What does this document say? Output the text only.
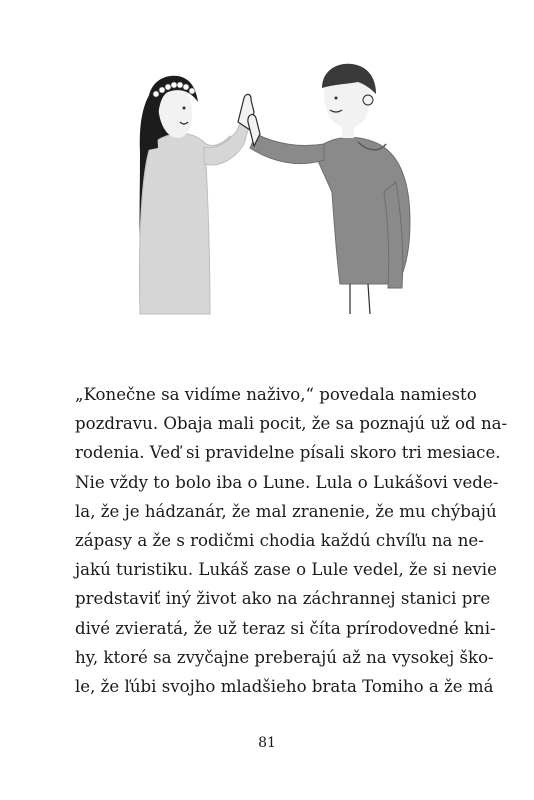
„Konečne sa vidíme naživo,“ povedala namiesto
pozdravu. Obaja mali pocit, že sa poznajú už od na-
rodenia. Veď si pravidelne písali skoro tri mesiace.
Nie vždy to bolo iba o Lune. Lula o Lukášovi vede-
la, že je hádzanár, že mal zranenie, že mu chýbajú
zápasy a že s rodičmi chodia každú chvíľu na ne-
jakú turistiku. Lukáš zase o Lule vedel, že si nevie
predstaviť iný život ako na záchrannej stanici pre
divé zvieratá, že už teraz si číta prírodovedné kni-
hy, ktoré sa zvyčajne preberajú až na vysokej ško-
le, že ľúbi svojho mladšieho brata Tomiho a že má
81
